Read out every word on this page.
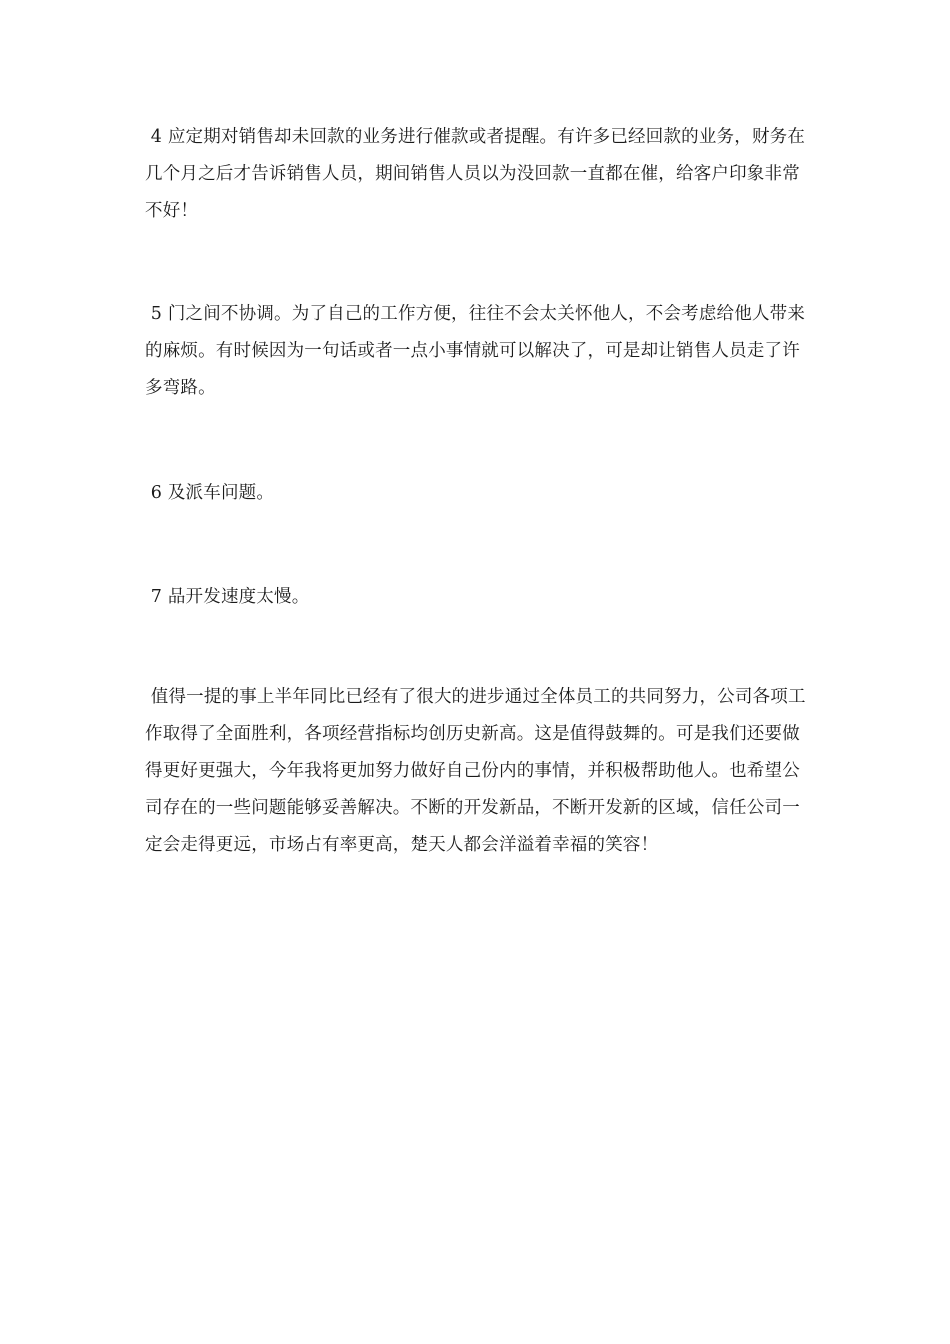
4 应定期对销售却未回款的业务进行催款或者提醒。有许多已经回款的业务，财务在几个月之后才告诉销售人员，期间销售人员以为没回款一直都在催，给客户印象非常不好！

5 门之间不协调。为了自己的工作方便，往往不会太关怀他人，不会考虑给他人带来的麻烦。有时候因为一句话或者一点小事情就可以解决了，可是却让销售人员走了许多弯路。

6 及派车问题。

7 品开发速度太慢。

值得一提的事上半年同比已经有了很大的进步通过全体员工的共同努力，公司各项工作取得了全面胜利，各项经营指标均创历史新高。这是值得鼓舞的。可是我们还要做得更好更强大，今年我将更加努力做好自己份内的事情，并积极帮助他人。也希望公司存在的一些问题能够妥善解决。不断的开发新品，不断开发新的区域，信任公司一定会走得更远，市场占有率更高，楚天人都会洋溢着幸福的笑容！
